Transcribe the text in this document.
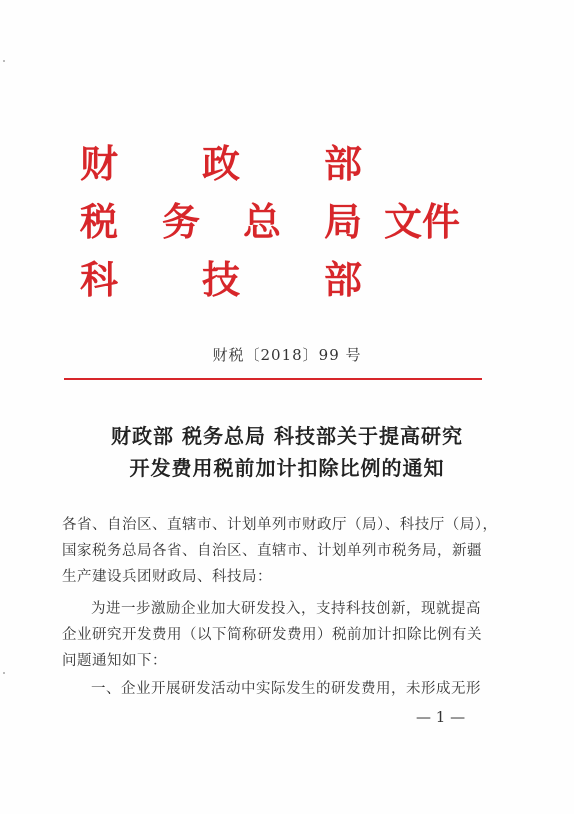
财 政 部
税 务 总 局 文件
科 技 部
财税〔2018〕99 号
财政部 税务总局 科技部关于提高研究
开发费用税前加计扣除比例的通知
各省、自治区、直辖市、计划单列市财政厅（局）、科技厅（局），
国家税务总局各省、自治区、直辖市、计划单列市税务局，新疆
生产建设兵团财政局、科技局：
为进一步激励企业加大研发投入，支持科技创新，现就提高
企业研究开发费用（以下简称研发费用）税前加计扣除比例有关
问题通知如下：
一、企业开展研发活动中实际发生的研发费用，未形成无形
— 1 —
